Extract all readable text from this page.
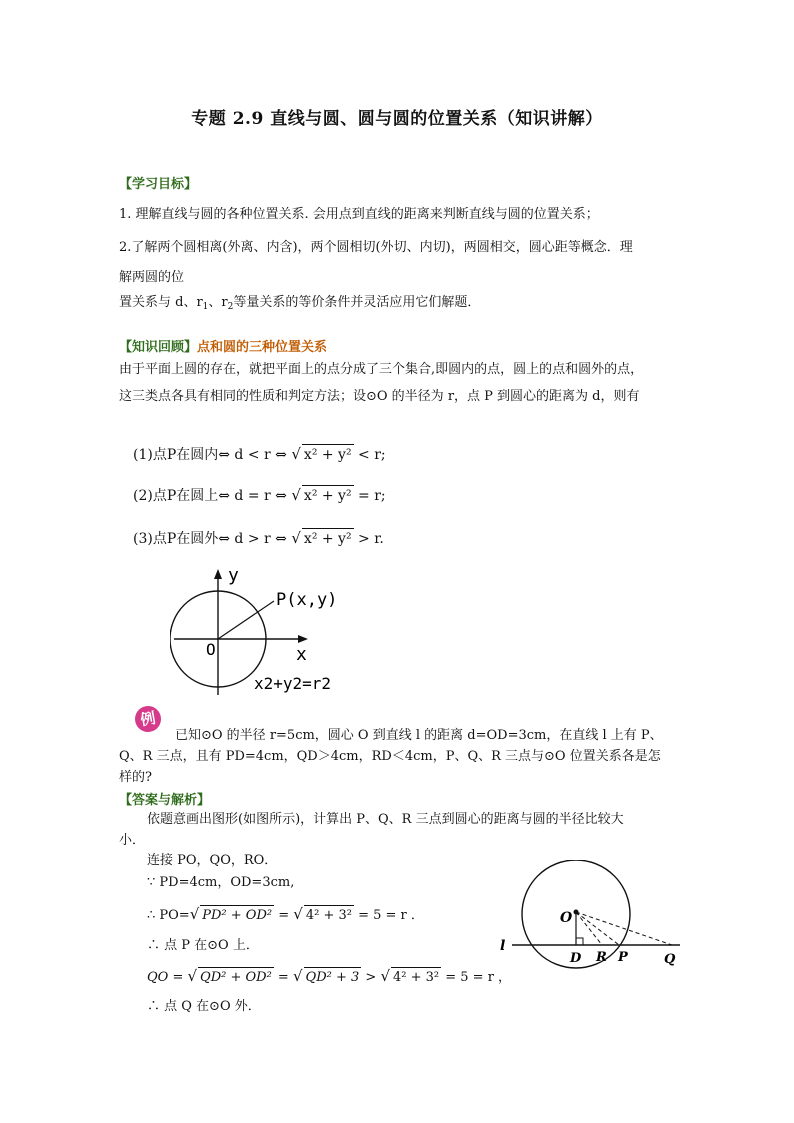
专题 2.9 直线与圆、圆与圆的位置关系（知识讲解）
【学习目标】
1. 理解直线与圆的各种位置关系. 会用点到直线的距离来判断直线与圆的位置关系；
2.了解两个圆相离(外离、内含)，两个圆相切(外切、内切)，两圆相交，圆心距等概念．理
解两圆的位
置关系与 d、$r_1$、$r_2$等量关系的等价条件并灵活应用它们解题．
【知识回顾】点和圆的三种位置关系
由于平面上圆的存在，就把平面上的点分成了三个集合,即圆内的点，圆上的点和圆外的点，
这三类点各具有相同的性质和判定方法；设⊙O 的半径为 r，点 P 到圆心的距离为 d，则有
(1)点P在圆内⇔ d < r ⇔ √ x² + y² < r;
(2)点P在圆上⇔ d = r ⇔ √ x² + y² = r;
(3)点P在圆外⇔ d > r ⇔ √ x² + y² > r.
y
x
O
P(x,y)
x2+y2=r2
例
已知⊙O 的半径 r=5cm，圆心 O 到直线 l 的距离 d=OD=3cm，在直线 l 上有 P、
Q、R 三点，且有 PD=4cm，QD＞4cm，RD＜4cm，P、Q、R 三点与⊙O 位置关系各是怎
样的?
【答案与解析】
依题意画出图形(如图所示)，计算出 P、Q、R 三点到圆心的距离与圆的半径比较大
小．
连接 PO，QO，RO．
∵ PD=4cm，OD=3cm,
∴ PO=√ PD² + OD² = √ 4² + 3² = 5 = r ．
∴ 点 P 在⊙O 上．
QO = √ QD² + OD² = √ QD² + 3 > √ 4² + 3² = 5 = r ，
∴ 点 Q 在⊙O 外．
O
l
D R P	Q
